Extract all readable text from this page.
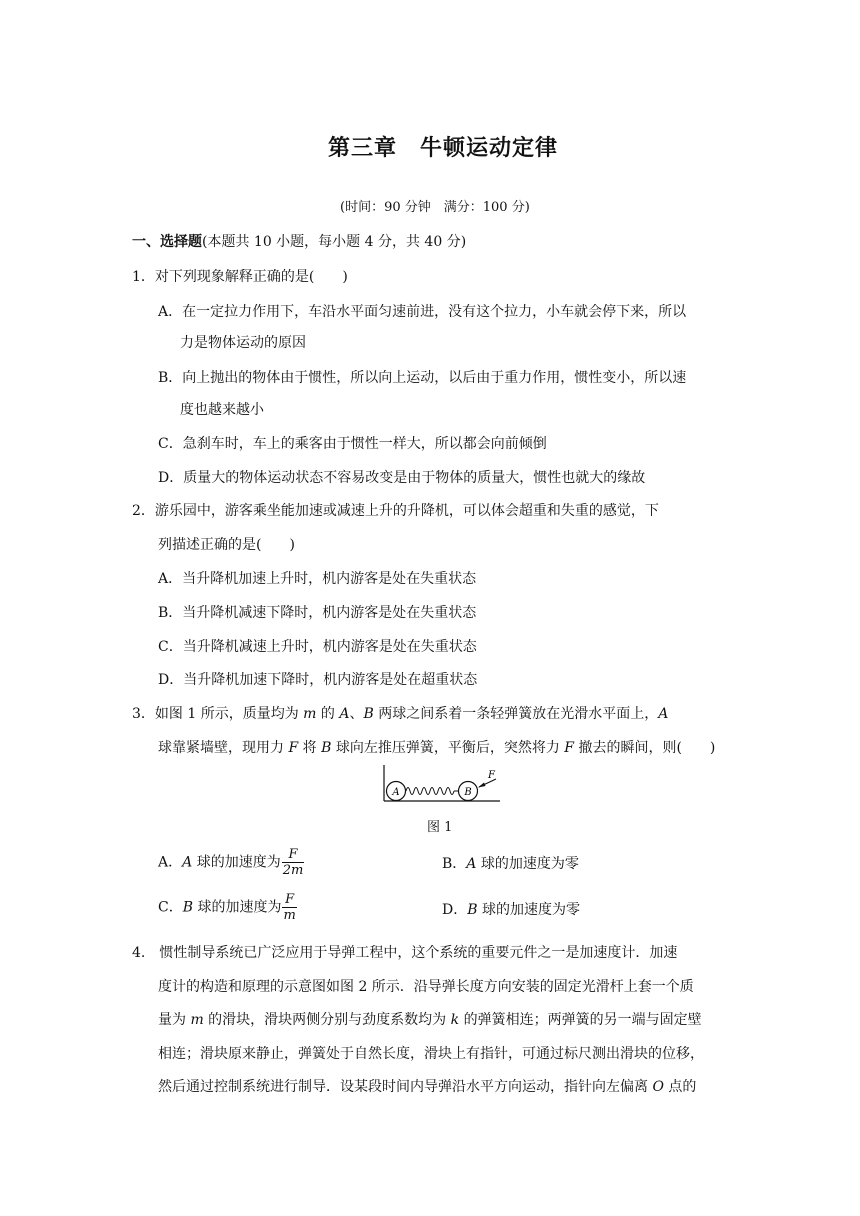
第三章　牛顿运动定律
(时间：90 分钟　满分：100 分)
一、选择题(本题共 10 小题，每小题 4 分，共 40 分)
1．对下列现象解释正确的是(　　)
A．在一定拉力作用下，车沿水平面匀速前进，没有这个拉力，小车就会停下来，所以
力是物体运动的原因
B．向上抛出的物体由于惯性，所以向上运动，以后由于重力作用，惯性变小，所以速
度也越来越小
C．急刹车时，车上的乘客由于惯性一样大，所以都会向前倾倒
D．质量大的物体运动状态不容易改变是由于物体的质量大，惯性也就大的缘故
2．游乐园中，游客乘坐能加速或减速上升的升降机，可以体会超重和失重的感觉，下
列描述正确的是(　　)
A．当升降机加速上升时，机内游客是处在失重状态
B．当升降机减速下降时，机内游客是处在失重状态
C．当升降机减速上升时，机内游客是处在失重状态
D．当升降机加速下降时，机内游客是处在超重状态
3．如图 1 所示，质量均为 m 的 A、B 两球之间系着一条轻弹簧放在光滑水平面上，A
球靠紧墙壁，现用力 F 将 B 球向左推压弹簧，平衡后，突然将力 F 撤去的瞬间，则(　　)
A	B
F
图 1
A．A 球的加速度为 $\frac{F}{2m}$	B．A 球的加速度为零
C．B 球的加速度为 $\frac{F}{m}$	D．B 球的加速度为零
4.　惯性制导系统已广泛应用于导弹工程中，这个系统的重要元件之一是加速度计．加速
度计的构造和原理的示意图如图 2 所示．沿导弹长度方向安装的固定光滑杆上套一个质
量为 m 的滑块，滑块两侧分别与劲度系数均为 k 的弹簧相连；两弹簧的另一端与固定壁
相连；滑块原来静止，弹簧处于自然长度，滑块上有指针，可通过标尺测出滑块的位移，
然后通过控制系统进行制导．设某段时间内导弹沿水平方向运动，指针向左偏离 O 点的
